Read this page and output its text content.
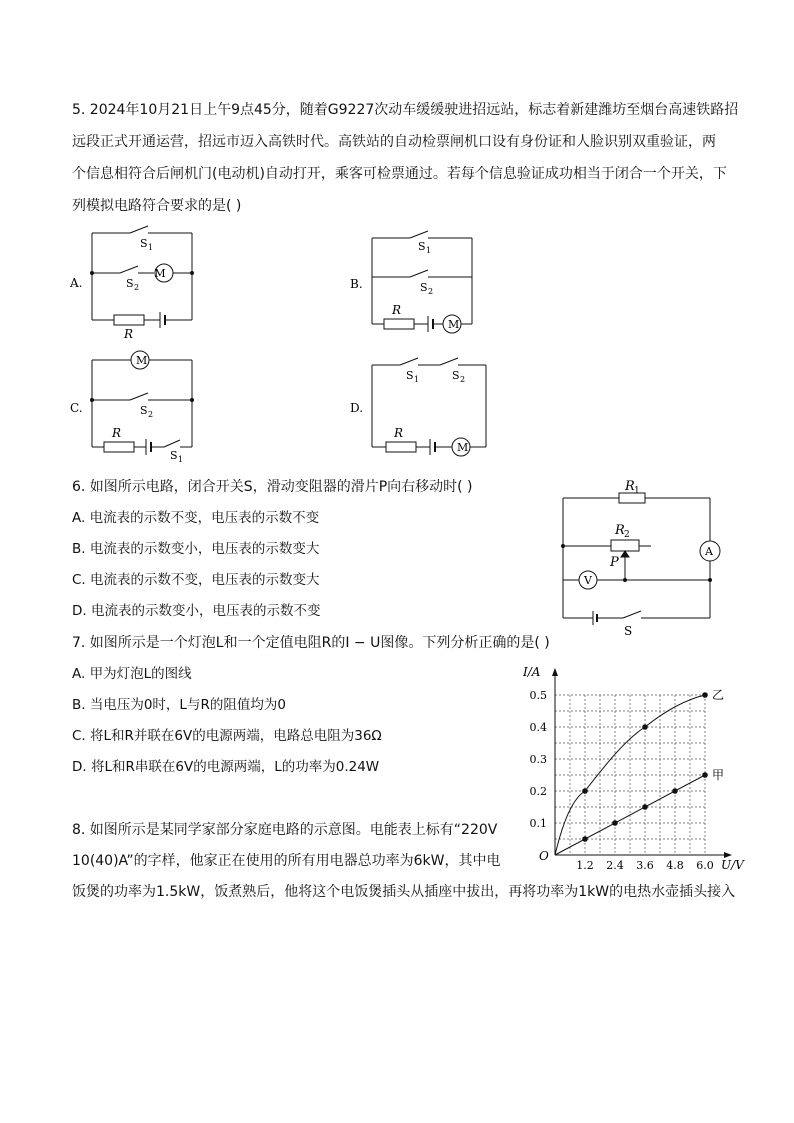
5. 2024年10月21日上午9点45分，随着G9227次动车缓缓驶进招远站，标志着新建潍坊至烟台高速铁路招
远段正式开通运营，招远市迈入高铁时代。高铁站的自动检票闸机口设有身份证和人脸识别双重验证，两
个信息相符合后闸机门(电动机)自动打开，乘客可检票通过。若每个信息验证成功相当于闭合一个开关，下
列模拟电路符合要求的是( )
A.
M
S 1
S 2
R
B.
M
S 1
S 2
R
C.
M
S 2
R
S 1
D.
M
S 1	S 2
R
6. 如图所示电路，闭合开关S，滑动变阻器的滑片P向右移动时( )
A. 电流表的示数不变，电压表的示数不变
B. 电流表的示数变小，电压表的示数变大
C. 电流表的示数不变，电压表的示数变大
D. 电流表的示数变小，电压表的示数不变
R 1
R 2
P
A
V
S
7. 如图所示是一个灯泡L和一个定值电阻R的I − U图像。下列分析正确的是( )
A. 甲为灯泡L的图线
B. 当电压为0时，L与R的阻值均为0
C. 将L和R并联在6V的电源两端，电路总电阻为36Ω
D. 将L和R串联在6V的电源两端，L的功率为0.24W
1.2 2.4 3.6 4.8 6.0
0.1
0.2
0.3
0.4
0.5
O
I/A
U/V
乙
甲
8. 如图所示是某同学家部分家庭电路的示意图。电能表上标有“220V
10(40)A”的字样，他家正在使用的所有用电器总功率为6kW，其中电
饭煲的功率为1.5kW，饭煮熟后，他将这个电饭煲插头从插座中拔出，再将功率为1kW的电热水壶插头接入
